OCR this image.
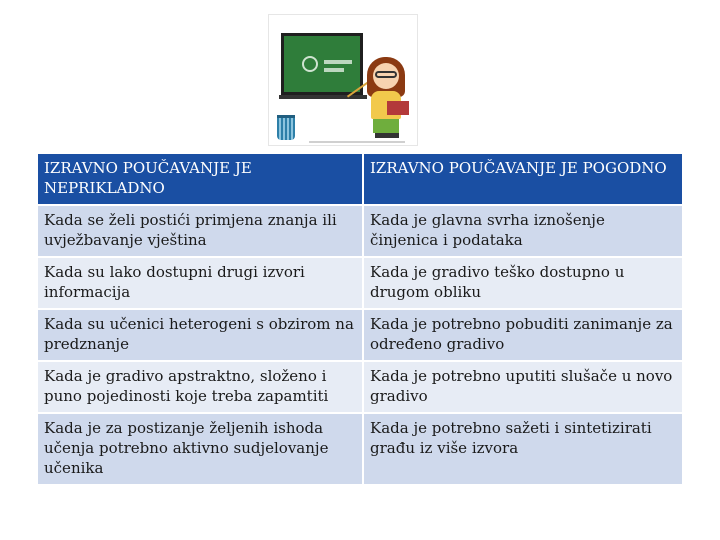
IZRAVNO POUČAVANJE JE NEPRIKLADNO	IZRAVNO POUČAVANJE JE POGODNO
Kada se želi postići primjena znanja ili uvježbavanje vještina	Kada je glavna svrha iznošenje činjenica i podataka
Kada su lako dostupni drugi izvori informacija	Kada je gradivo teško dostupno u drugom obliku
Kada su učenici heterogeni s obzirom na predznanje	Kada je potrebno pobuditi zanimanje za određeno gradivo
Kada je gradivo apstraktno, složeno i puno pojedinosti koje treba zapamtiti	Kada je potrebno uputiti slušače u novo gradivo
Kada je za postizanje željenih ishoda učenja potrebno aktivno sudjelovanje učenika	Kada je potrebno sažeti i sintetizirati građu iz više izvora
